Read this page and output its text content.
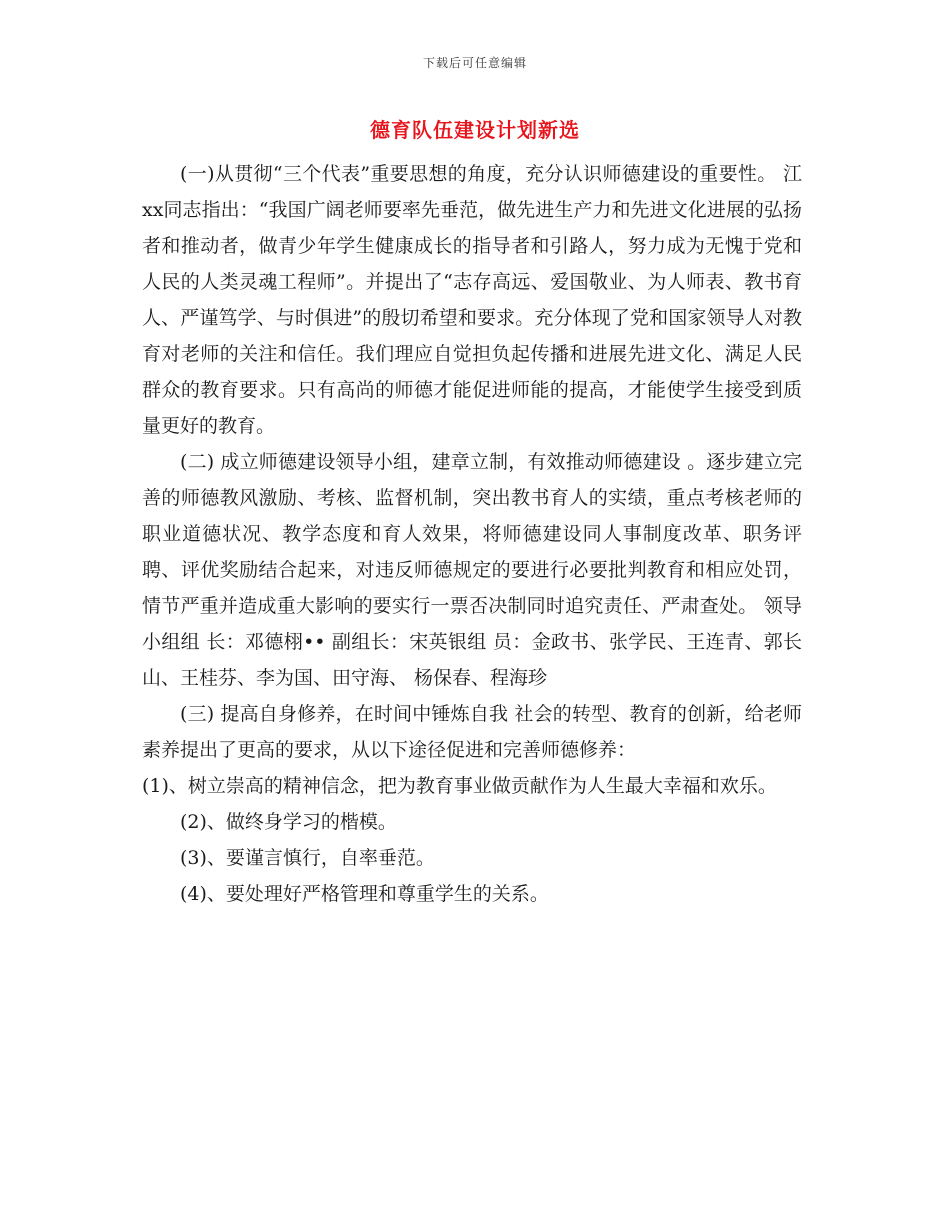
下载后可任意编辑
德育队伍建设计划新选

(一)从贯彻“三个代表”重要思想的角度，充分认识师德建设的重要性。 江xx同志指出：“我国广阔老师要率先垂范，做先进生产力和先进文化进展的弘扬者和推动者，做青少年学生健康成长的指导者和引路人，努力成为无愧于党和人民的人类灵魂工程师”。并提出了“志存高远、爱国敬业、为人师表、教书育人、严谨笃学、与时俱进”的殷切希望和要求。充分体现了党和国家领导人对教育对老师的关注和信任。我们理应自觉担负起传播和进展先进文化、满足人民群众的教育要求。只有高尚的师德才能促进师能的提高，才能使学生接受到质量更好的教育。

(二) 成立师德建设领导小组，建章立制，有效推动师德建设 。逐步建立完善的师德教风激励、考核、监督机制，突出教书育人的实绩，重点考核老师的职业道德状况、教学态度和育人效果，将师德建设同人事制度改革、职务评聘、评优奖励结合起来，对违反师德规定的要进行必要批判教育和相应处罚，情节严重并造成重大影响的要实行一票否决制同时追究责任、严肃查处。 领导小组组 长：邓德栩•• 副组长：宋英银组 员：金政书、张学民、王连青、郭长山、王桂芬、李为国、田守海、 杨保春、程海珍

(三) 提高自身修养，在时间中锤炼自我 社会的转型、教育的创新，给老师素养提出了更高的要求，从以下途径促进和完善师德修养：

(1)、树立崇高的精神信念，把为教育事业做贡献作为人生最大幸福和欢乐。

(2)、做终身学习的楷模。

(3)、要谨言慎行，自率垂范。

(4)、要处理好严格管理和尊重学生的关系。
